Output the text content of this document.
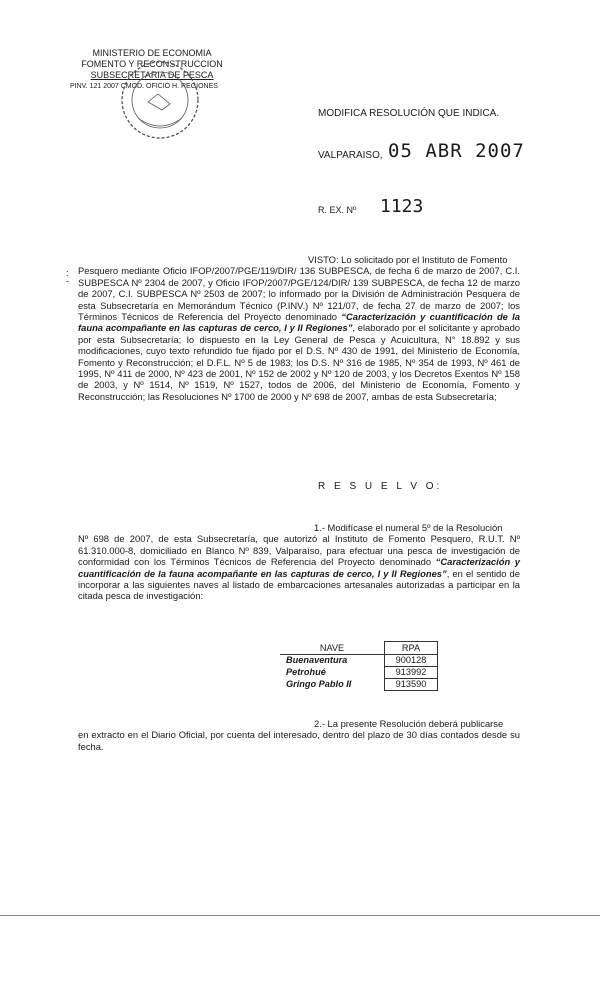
MINISTERIO DE ECONOMIA
FOMENTO Y RECONSTRUCCION
SUBSECRETARIA DE PESCA
PINV. 121 2007 CMOD. OFICIO H. REGIONES
MODIFICA RESOLUCIÓN QUE INDICA.
VALPARAISO, 05 ABR 2007
R. EX. Nº 1123
:
-
VISTO: Lo solicitado por el Instituto de Fomento
Pesquero mediante Oficio IFOP/2007/PGE/119/DIR/ 136 SUBPESCA, de fecha 6 de marzo de 2007, C.I. SUBPESCA Nº 2304 de 2007, y Oficio IFOP/2007/PGE/124/DIR/ 139 SUBPESCA, de fecha 12 de marzo de 2007, C.I. SUBPESCA Nº 2503 de 2007; lo informado por la División de Administración Pesquera de esta Subsecretaría en Memorándum Técnico (P.INV.) Nº 121/07, de fecha 27 de marzo de 2007; los Términos Técnicos de Referencia del Proyecto denominado “Caracterización y cuantificación de la fauna acompañante en las capturas de cerco, I y II Regiones”, elaborado por el solicitante y aprobado por esta Subsecretaría; lo dispuesto en la Ley General de Pesca y Acuicultura, N° 18.892 y sus modificaciones, cuyo texto refundido fue fijado por el D.S. Nº 430 de 1991, del Ministerio de Economía, Fomento y Reconstrucción; el D.F.L. Nº 5 de 1983; los D.S. Nº 316 de 1985, Nº 354 de 1993, Nº 461 de 1995, Nº 411 de 2000, Nº 423 de 2001, Nº 152 de 2002 y Nº 120 de 2003, y los Decretos Exentos Nº 158 de 2003, y Nº 1514, Nº 1519, Nº 1527, todos de 2006, del Ministerio de Economía, Fomento y Reconstrucción; las Resoluciones Nº 1700 de 2000 y Nº 698 de 2007, ambas de esta Subsecretaría;
R E S U E L V O:
1.- Modifícase el numeral 5º de la Resolución
Nº 698 de 2007, de esta Subsecretaría, que autorizó al Instituto de Fomento Pesquero, R.U.T. Nº 61.310.000-8, domiciliado en Blanco Nº 839, Valparaíso, para efectuar una pesca de investigación de conformidad con los Términos Técnicos de Referencia del Proyecto denominado “Caracterización y cuantificación de la fauna acompañante en las capturas de cerco, I y II Regiones”, en el sentido de incorporar a las siguientes naves al listado de embarcaciones artesanales autorizadas a participar en la citada pesca de investigación:
NAVE	RPA
Buenaventura	900128
Petrohué	913992
Gringo Pablo II	913590
2.- La presente Resolución deberá publicarse
en extracto en el Diario Oficial, por cuenta del interesado, dentro del plazo de 30 días contados desde su fecha.
